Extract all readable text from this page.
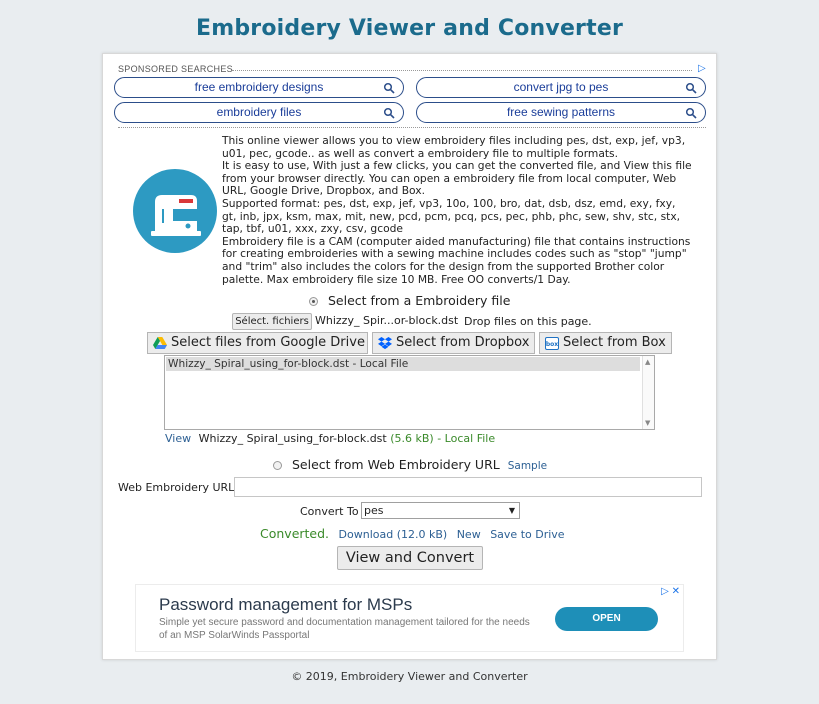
Embroidery Viewer and Converter
SPONSORED SEARCHES	▷
free embroidery designs	convert jpg to pes
embroidery files	free sewing patterns

This online viewer allows you to view embroidery files including pes, dst, exp, jef, vp3, u01, pec, gcode.. as well as convert a embroidery file to multiple formats.

It is easy to use, With just a few clicks, you can get the converted file, and View this file from your browser directly. You can open a embroidery file from local computer, Web URL, Google Drive, Dropbox, and Box.

Supported format: pes, dst, exp, jef, vp3, 10o, 100, bro, dat, dsb, dsz, emd, exy, fxy, gt, inb, jpx, ksm, max, mit, new, pcd, pcm, pcq, pcs, pec, phb, phc, sew, shv, stc, stx, tap, tbf, u01, xxx, zxy, csv, gcode

Embroidery file is a CAM (computer aided manufacturing) file that contains instructions for creating embroideries with a sewing machine includes codes such as "stop" "jump" and "trim" also includes the colors for the design from the supported Brother color palette. Max embroidery file size 10 MB. Free OO converts/1 Day.

Select from a Embroidery file
Sélect. fichiers Whizzy_ Spir...or-block.dst Drop files on this page.
Select files from Google Drive	Select from Dropbox	box Select from Box
Whizzy_ Spiral_using_for-block.dst - Local File	▲
▼
View Whizzy_ Spiral_using_for-block.dst (5.6 kB) - Local File
Select from Web Embroidery URL Sample
Web Embroidery URL
Convert To pes	▼
Converted. Download (12.0 kB) New Save to Drive
View and Convert
Password management for MSPs
Simple yet secure password and documentation management tailored for the needs of an MSP SolarWinds Passportal
OPEN
▷ ✕
© 2019, Embroidery Viewer and Converter
